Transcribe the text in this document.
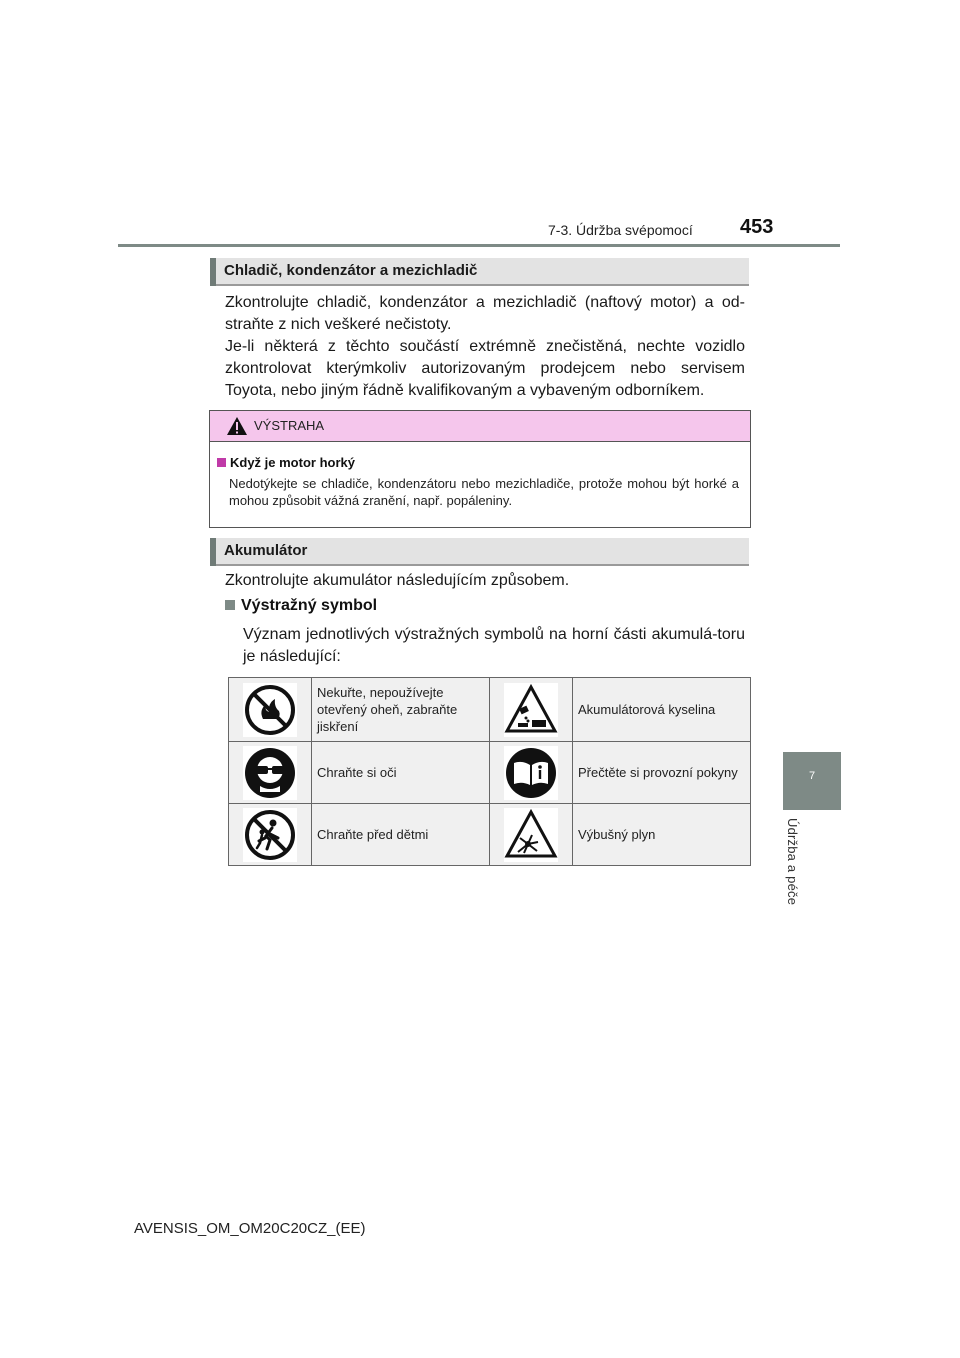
7-3. Údržba svépomocí 453
7
Údržba a péče
Chladič, kondenzátor a mezichladič
Zkontrolujte chladič, kondenzátor a mezichladič (naftový motor) a od-straňte z nich veškeré nečistoty.
Je-li některá z těchto součástí extrémně znečistěná, nechte vozidlo zkontrolovat kterýmkoliv autorizovaným prodejcem nebo servisem Toyota, nebo jiným řádně kvalifikovaným a vybaveným odborníkem.
VÝSTRAHA
Když je motor horký
Nedotýkejte se chladiče, kondenzátoru nebo mezichladiče, protože mohou být horké a mohou způsobit vážná zranění, např. popáleniny.
Akumulátor
Zkontrolujte akumulátor následujícím způsobem.
Výstražný symbol
Význam jednotlivých výstražných symbolů na horní části akumulá-toru je následující:
	Nekuřte, nepoužívejte otevřený oheň, zabraňte jiskření		Akumulátorová kyselina
	Chraňte si oči		Přečtěte si provozní pokyny
	Chraňte před dětmi		Výbušný plyn
AVENSIS_OM_OM20C20CZ_(EE)
